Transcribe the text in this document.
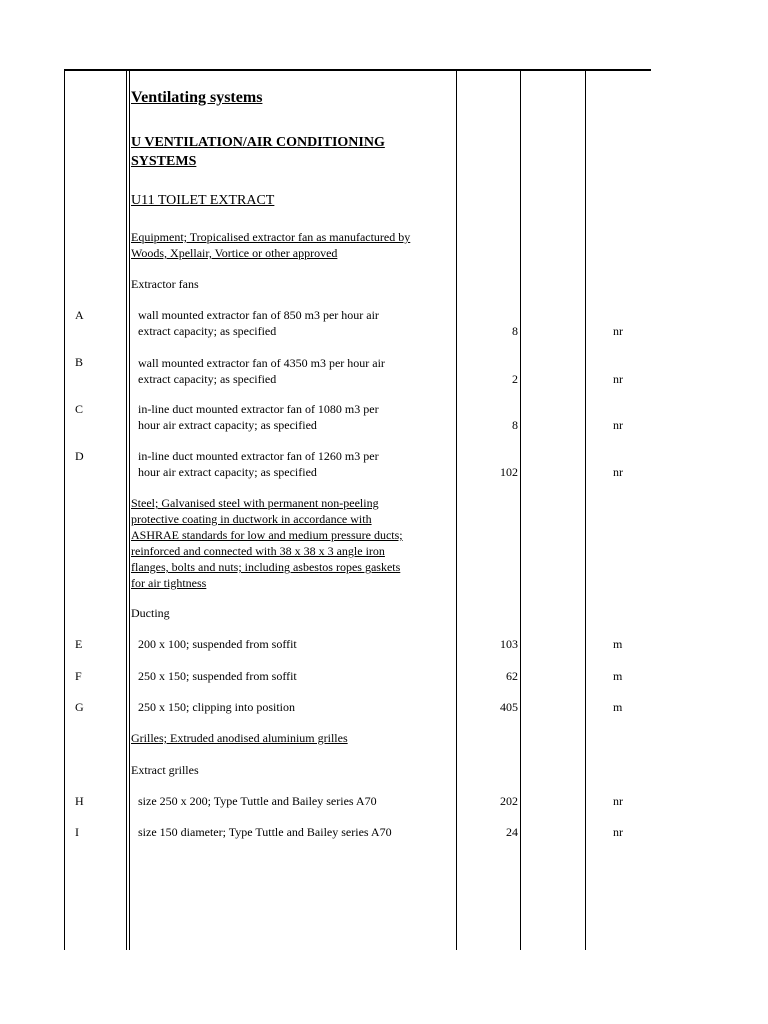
Ventilating systems
U VENTILATION/AIR CONDITIONING
SYSTEMS
U11 TOILET EXTRACT
Equipment; Tropicalised extractor fan as manufactured by
Woods, Xpellair, Vortice or other approved
Extractor fans
A	wall mounted extractor fan of 850 m3 per hour air
extract capacity; as specified	8	nr
B	wall mounted extractor fan of 4350 m3 per hour air
extract capacity; as specified	2	nr
C	in-line duct mounted extractor fan of 1080 m3 per
hour air extract capacity; as specified	8	nr
D	in-line duct mounted extractor fan of 1260 m3 per
hour air extract capacity; as specified	102	nr
Steel; Galvanised steel with permanent non-peeling
protective coating in ductwork in accordance with
ASHRAE standards for low and medium pressure ducts;
reinforced and connected with 38 x 38 x 3 angle iron
flanges, bolts and nuts; including asbestos ropes gaskets
for air tightness
Ducting
E	200 x 100; suspended from soffit	103	m
F	250 x 150; suspended from soffit	62	m
G	250 x 150; clipping into position	405	m
Grilles; Extruded anodised aluminium grilles
Extract grilles
H	size 250 x 200; Type Tuttle and Bailey series A70	202	nr
I	size 150 diameter; Type Tuttle and Bailey series A70	24	nr
